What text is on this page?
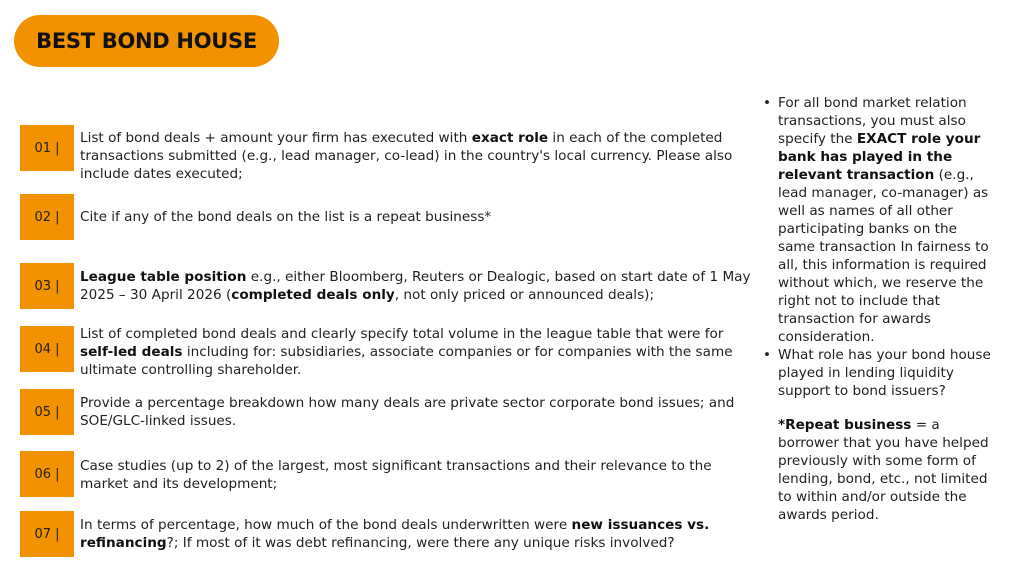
BEST BOND HOUSE
01 |
List of bond deals + amount your firm has executed with exact role in each of the completed transactions submitted (e.g., lead manager, co-lead) in the country's local currency. Please also include dates executed;
02 |	Cite if any of the bond deals on the list is a repeat business*
03 |
League table position e.g., either Bloomberg, Reuters or Dealogic, based on start date of 1 May 2025 – 30 April 2026 (completed deals only, not only priced or announced deals);
04 |
List of completed bond deals and clearly specify total volume in the league table that were for self-led deals including for: subsidiaries, associate companies or for companies with the same ultimate controlling shareholder.
05 |
Provide a percentage breakdown how many deals are private sector corporate bond issues; and SOE/GLC-linked issues.
06 |	Case studies (up to 2) of the largest, most significant transactions and their relevance to the market and its development;
07 |
In terms of percentage, how much of the bond deals underwritten were new issuances vs. refinancing?; If most of it was debt refinancing, were there any unique risks involved?
• For all bond market relation transactions, you must also specify the EXACT role your bank has played in the relevant transaction (e.g., lead manager, co-manager) as well as names of all other participating banks on the same transaction In fairness to all, this information is required without which, we reserve the right not to include that transaction for awards consideration.
• What role has your bond house played in lending liquidity support to bond issuers?
*Repeat business = a borrower that you have helped previously with some form of lending, bond, etc., not limited to within and/or outside the awards period.
